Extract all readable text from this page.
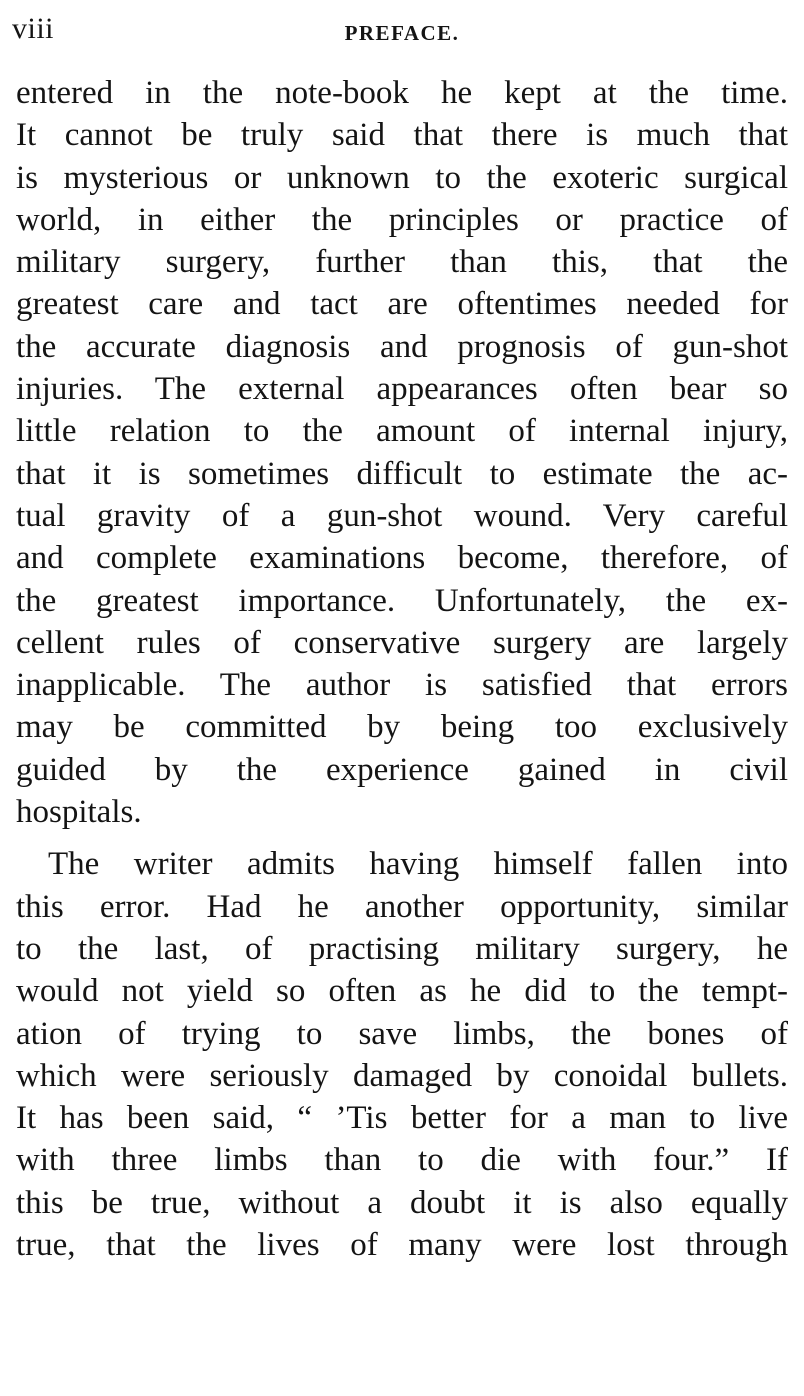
viii	PREFACE.
entered in the note-book he kept at the time.
It cannot be truly said that there is much that
is mysterious or unknown to the exoteric surgical
world, in either the principles or practice of
military surgery, further than this, that the
greatest care and tact are oftentimes needed for
the accurate diagnosis and prognosis of gun-shot
injuries. The external appearances often bear so
little relation to the amount of internal injury,
that it is sometimes difficult to estimate the ac-
tual gravity of a gun-shot wound. Very careful
and complete examinations become, therefore, of
the greatest importance. Unfortunately, the ex-
cellent rules of conservative surgery are largely
inapplicable. The author is satisfied that errors
may be committed by being too exclusively
guided by the experience gained in civil
hospitals.
The writer admits having himself fallen into
this error. Had he another opportunity, similar
to the last, of practising military surgery, he
would not yield so often as he did to the tempt-
ation of trying to save limbs, the bones of
which were seriously damaged by conoidal bullets.
It has been said, “ ’Tis better for a man to live
with three limbs than to die with four.” If
this be true, without a doubt it is also equally
true, that the lives of many were lost through
